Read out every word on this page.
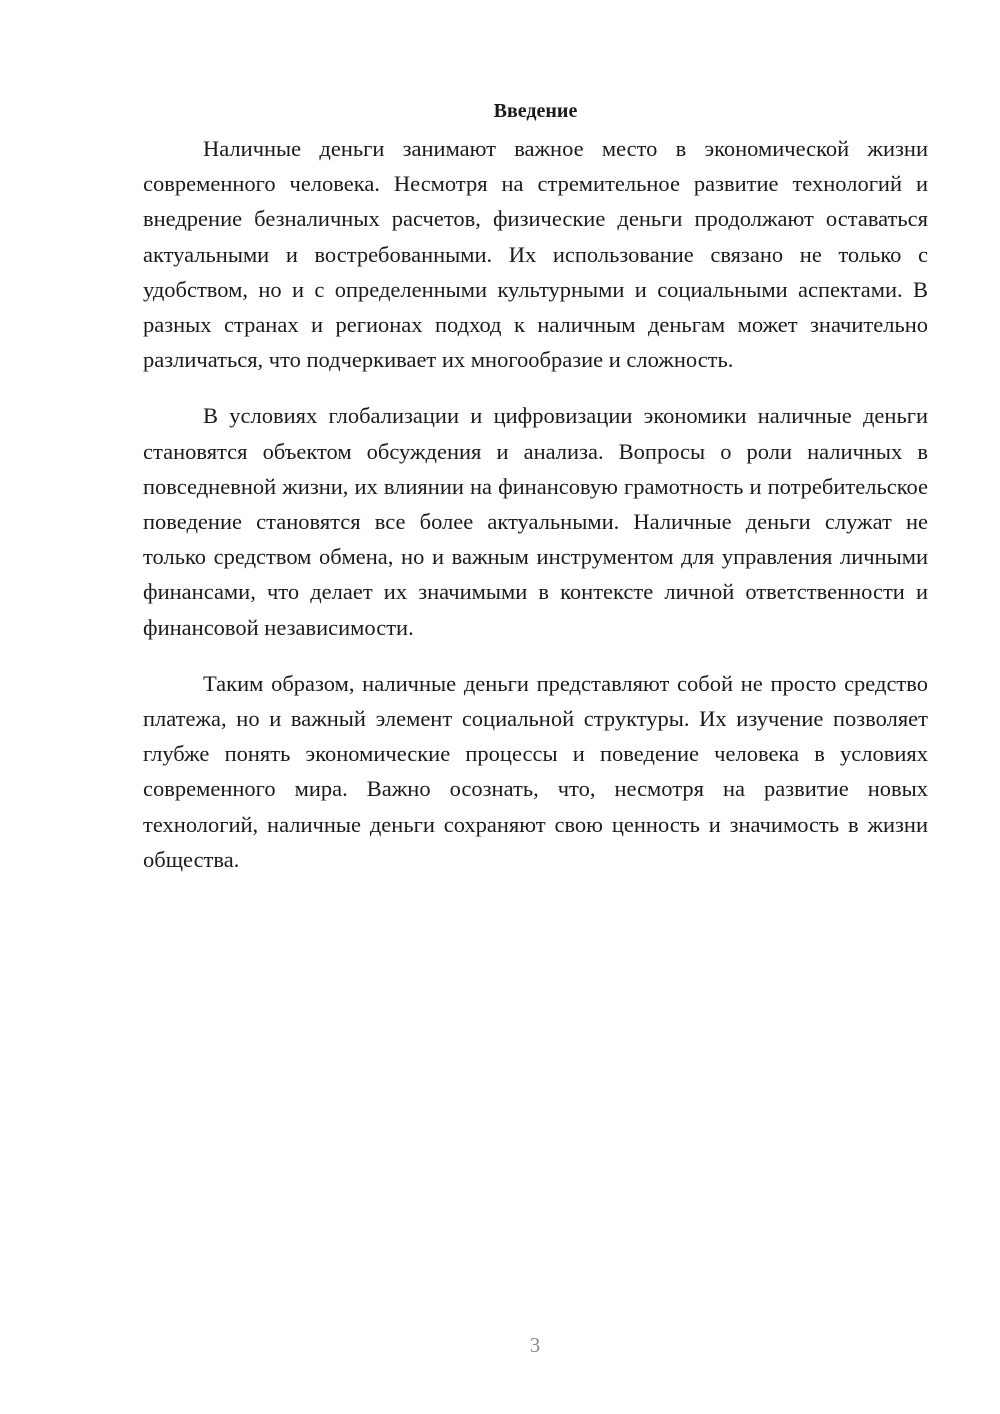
Введение

Наличные деньги занимают важное место в экономической жизни современного человека. Несмотря на стремительное развитие технологий и внедрение безналичных расчетов, физические деньги продолжают оставаться актуальными и востребованными. Их использование связано не только с удобством, но и с определенными культурными и социальными аспектами. В разных странах и регионах подход к наличным деньгам может значительно различаться, что подчеркивает их многообразие и сложность.

В условиях глобализации и цифровизации экономики наличные деньги становятся объектом обсуждения и анализа. Вопросы о роли наличных в повседневной жизни, их влиянии на финансовую грамотность и потребительское поведение становятся все более актуальными. Наличные деньги служат не только средством обмена, но и важным инструментом для управления личными финансами, что делает их значимыми в контексте личной ответственности и финансовой независимости.

Таким образом, наличные деньги представляют собой не просто средство платежа, но и важный элемент социальной структуры. Их изучение позволяет глубже понять экономические процессы и поведение человека в условиях современного мира. Важно осознать, что, несмотря на развитие новых технологий, наличные деньги сохраняют свою ценность и значимость в жизни общества.

3
